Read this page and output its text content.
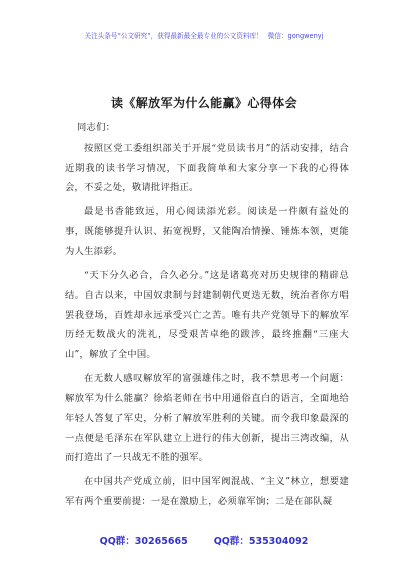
关注头条号“公文研究”，获得最新最全最专业的公文资料库！ 微信：gongwenyj
读《解放军为什么能赢》心得体会

同志们：

按照区党工委组织部关于开展“党员读书月”的活动安排，结合近期我的读书学习情况，下面我简单和大家分享一下我的心得体会，不妥之处，敬请批评指正。

最是书香能致远，用心阅读添光彩。阅读是一件颇有益处的事，既能够提升认识、拓宽视野，又能陶冶情操、锤炼本领，更能为人生添彩。

“天下分久必合，合久必分。”这是诸葛亮对历史规律的精辟总结。自古以来，中国奴隶制与封建制朝代更迭无数，统治者你方唱罢我登场，百姓却永远承受兴亡之苦。唯有共产党领导下的解放军历经无数战火的洗礼，尽受艰苦卓绝的跋涉，最终推翻“三座大山”，解放了全中国。

在无数人感叹解放军的富强雄伟之时，我不禁思考一个问题：解放军为什么能赢？徐焰老师在书中用通俗直白的语言，全面地给年轻人答复了军史，分析了解放军胜利的关键。而令我印象最深的一点便是毛泽东在军队建立上进行的伟大创新，提出三湾改编，从而打造出了一只战无不胜的强军。

在中国共产党成立前，旧中国军阀混战、“主义”林立，想要建军有两个重要前提：一是在激励上，必须靠军饷；二是在部队凝

QQ群：30265665	QQ群：535304092
